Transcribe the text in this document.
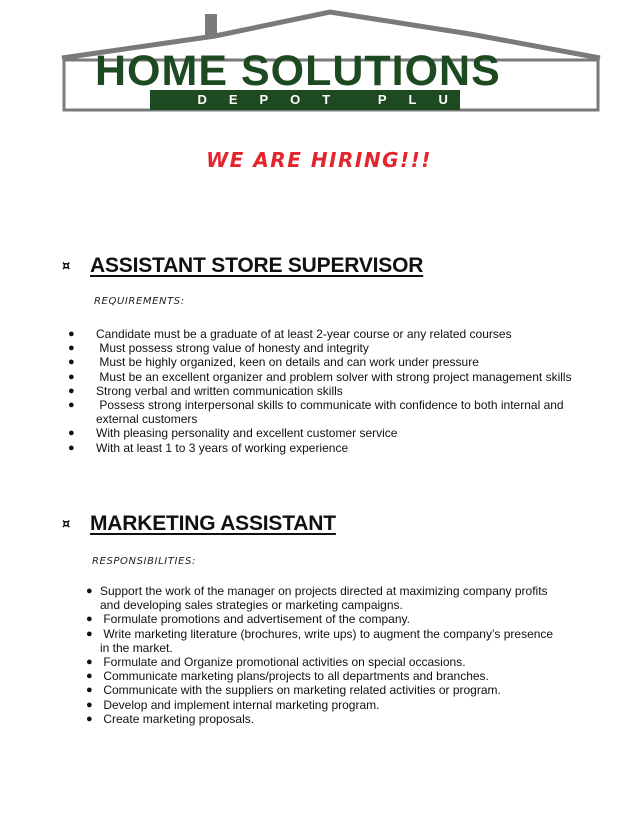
HOME SOLUTIONS
DEPOT PLUS
WE ARE HIRING!!!
¤ ASSISTANT STORE SUPERVISOR
REQUIREMENTS:
● Candidate must be a graduate of at least 2-year course or any related courses
● Must possess strong value of honesty and integrity
● Must be highly organized, keen on details and can work under pressure
● Must be an excellent organizer and problem solver with strong project management skills
● Strong verbal and written communication skills
● Possess strong interpersonal skills to communicate with confidence to both internal and external customers
● With pleasing personality and excellent customer service
● With at least 1 to 3 years of working experience
¤ MARKETING ASSISTANT
RESPONSIBILITIES:
● Support the work of the manager on projects directed at maximizing company profits and developing sales strategies or marketing campaigns.
● Formulate promotions and advertisement of the company.
● Write marketing literature (brochures, write ups) to augment the company’s presence in the market.
● Formulate and Organize promotional activities on special occasions.
● Communicate marketing plans/projects to all departments and branches.
● Communicate with the suppliers on marketing related activities or program.
● Develop and implement internal marketing program.
● Create marketing proposals.
